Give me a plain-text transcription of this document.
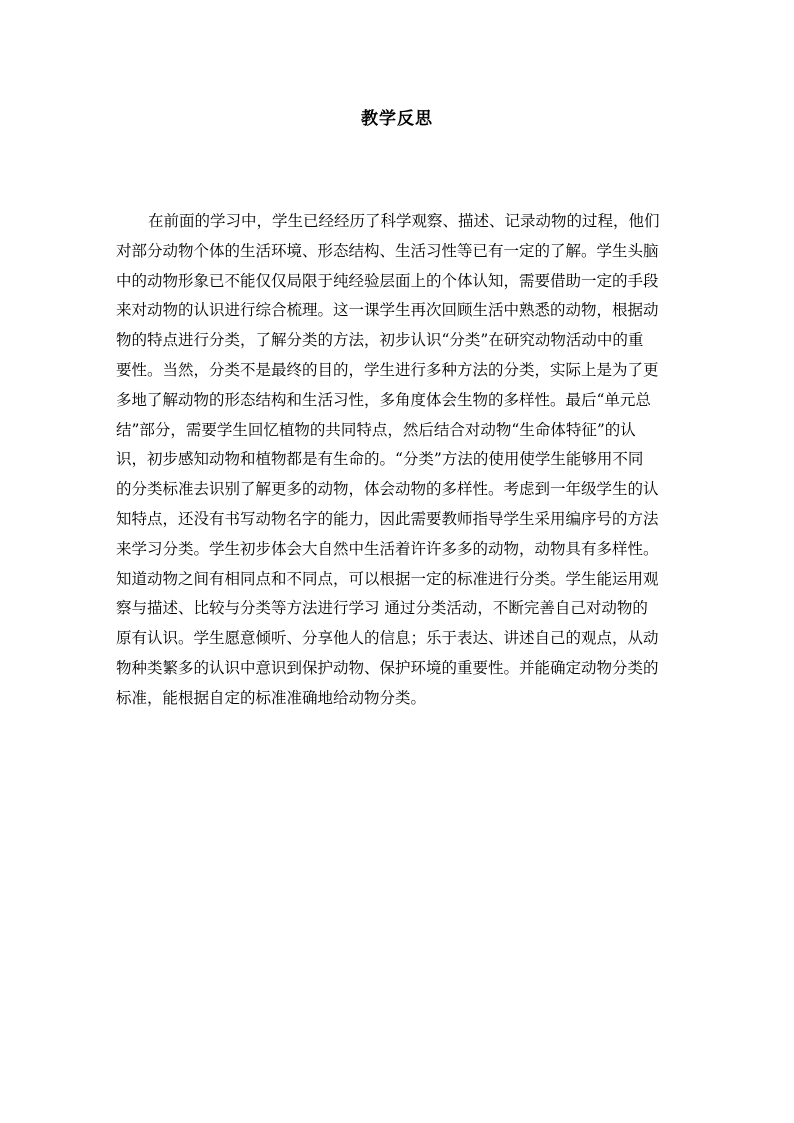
教学反思
在前面的学习中，学生已经经历了科学观察、描述、记录动物的过程，他们
对部分动物个体的生活环境、形态结构、生活习性等已有一定的了解。学生头脑
中的动物形象已不能仅仅局限于纯经验层面上的个体认知，需要借助一定的手段
来对动物的认识进行综合梳理。这一课学生再次回顾生活中熟悉的动物，根据动
物的特点进行分类，了解分类的方法，初步认识“分类”在研究动物活动中的重
要性。当然，分类不是最终的目的，学生进行多种方法的分类，实际上是为了更
多地了解动物的形态结构和生活习性，多角度体会生物的多样性。最后“单元总
结”部分，需要学生回忆植物的共同特点，然后结合对动物“生命体特征”的认
识，初步感知动物和植物都是有生命的。“分类”方法的使用使学生能够用不同
的分类标准去识别了解更多的动物，体会动物的多样性。考虑到一年级学生的认
知特点，还没有书写动物名字的能力，因此需要教师指导学生采用编序号的方法
来学习分类。学生初步体会大自然中生活着许许多多的动物，动物具有多样性。
知道动物之间有相同点和不同点，可以根据一定的标准进行分类。学生能运用观
察与描述、比较与分类等方法进行学习 通过分类活动，不断完善自己对动物的
原有认识。学生愿意倾听、分享他人的信息；乐于表达、讲述自己的观点，从动
物种类繁多的认识中意识到保护动物、保护环境的重要性。并能确定动物分类的
标准，能根据自定的标准准确地给动物分类。
